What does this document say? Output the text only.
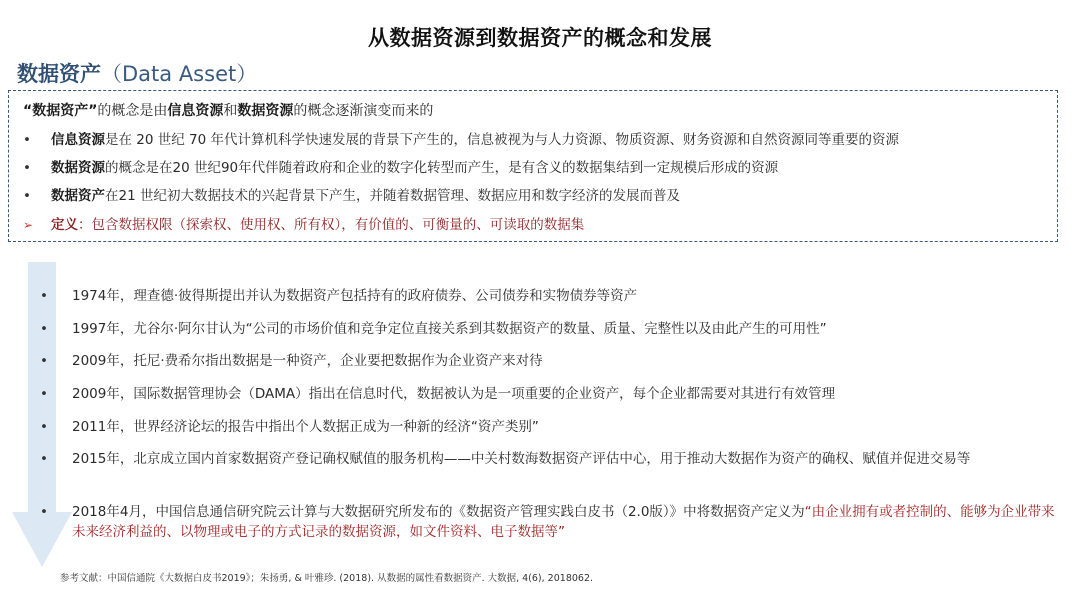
从数据资源到数据资产的概念和发展
数据资产（Data Asset）
“数据资产”的概念是由信息资源和数据资源的概念逐渐演变而来的
• 信息资源是在 20 世纪 70 年代计算机科学快速发展的背景下产生的，信息被视为与人力资源、物质资源、财务资源和自然资源同等重要的资源
• 数据资源的概念是在20 世纪90年代伴随着政府和企业的数字化转型而产生，是有含义的数据集结到一定规模后形成的资源
• 数据资产在21 世纪初大数据技术的兴起背景下产生，并随着数据管理、数据应用和数字经济的发展而普及
➢ 定义：包含数据权限（探索权、使用权、所有权），有价值的、可衡量的、可读取的数据集
•	1974年，理查德·彼得斯提出并认为数据资产包括持有的政府债券、公司债券和实物债券等资产
•	1997年，尤谷尔·阿尔甘认为“公司的市场价值和竞争定位直接关系到其数据资产的数量、质量、完整性以及由此产生的可用性”
•	2009年，托尼·费希尔指出数据是一种资产，企业要把数据作为企业资产来对待
•	2009年，国际数据管理协会（DAMA）指出在信息时代，数据被认为是一项重要的企业资产，每个企业都需要对其进行有效管理
•	2011年，世界经济论坛的报告中指出个人数据正成为一种新的经济“资产类别”
•	2015年，北京成立国内首家数据资产登记确权赋值的服务机构——中关村数海数据资产评估中心，用于推动大数据作为资产的确权、赋值并促进交易等
•	2018年4月，中国信息通信研究院云计算与大数据研究所发布的《数据资产管理实践白皮书（2.0版）》中将数据资产定义为“由企业拥有或者控制的、能够为企业带来未来经济利益的、以物理或电子的方式记录的数据资源，如文件资料、电子数据等”
参考文献：中国信通院《大数据白皮书2019》；朱扬勇, & 叶雅珍. (2018). 从数据的属性看数据资产. 大数据, 4(6), 2018062.
